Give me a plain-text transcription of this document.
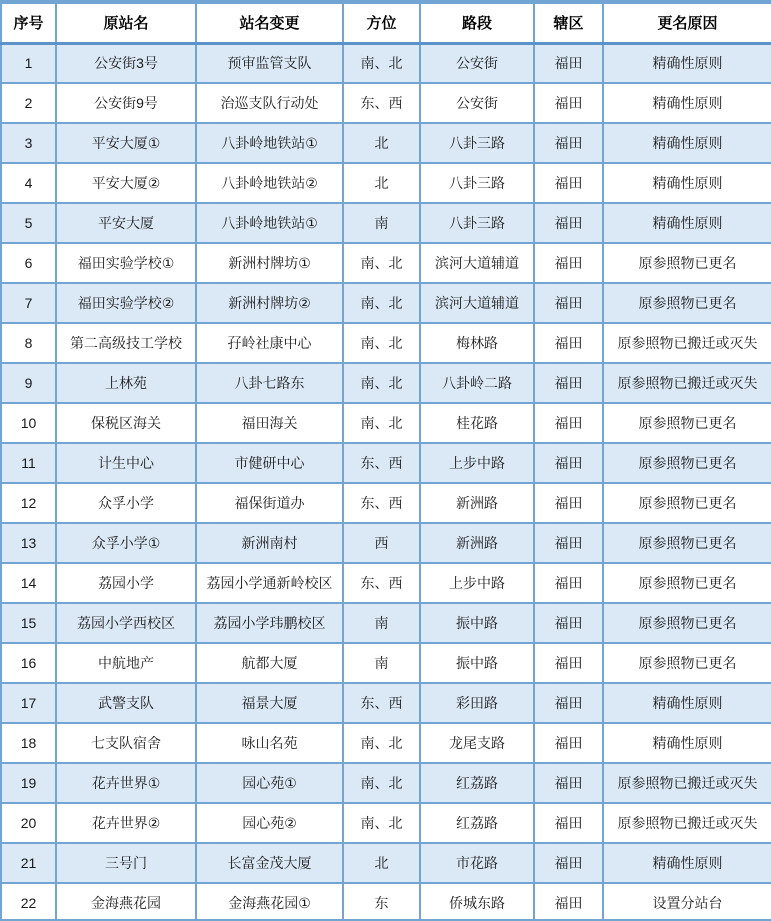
序号	原站名	站名变更	方位	路段	辖区	更名原因
1	公安街3号	预审监管支队	南、北	公安街	福田	精确性原则
2	公安街9号	治巡支队行动处	东、西	公安街	福田	精确性原则
3	平安大厦①	八卦岭地铁站①	北	八卦三路	福田	精确性原则
4	平安大厦②	八卦岭地铁站②	北	八卦三路	福田	精确性原则
5	平安大厦	八卦岭地铁站①	南	八卦三路	福田	精确性原则
6	福田实验学校①	新洲村牌坊①	南、北	滨河大道辅道	福田	原参照物已更名
7	福田实验学校②	新洲村牌坊②	南、北	滨河大道辅道	福田	原参照物已更名
8	第二高级技工学校	孖岭社康中心	南、北	梅林路	福田	原参照物已搬迁或灭失
9	上林苑	八卦七路东	南、北	八卦岭二路	福田	原参照物已搬迁或灭失
10	保税区海关	福田海关	南、北	桂花路	福田	原参照物已更名
11	计生中心	市健研中心	东、西	上步中路	福田	原参照物已更名
12	众孚小学	福保街道办	东、西	新洲路	福田	原参照物已更名
13	众孚小学①	新洲南村	西	新洲路	福田	原参照物已更名
14	荔园小学	荔园小学通新岭校区	东、西	上步中路	福田	原参照物已更名
15	荔园小学西校区	荔园小学玮鹏校区	南	振中路	福田	原参照物已更名
16	中航地产	航都大厦	南	振中路	福田	原参照物已更名
17	武警支队	福景大厦	东、西	彩田路	福田	精确性原则
18	七支队宿舍	咏山名苑	南、北	龙尾支路	福田	精确性原则
19	花卉世界①	园心苑①	南、北	红荔路	福田	原参照物已搬迁或灭失
20	花卉世界②	园心苑②	南、北	红荔路	福田	原参照物已搬迁或灭失
21	三号门	长富金茂大厦	北	市花路	福田	精确性原则
22	金海燕花园	金海燕花园①	东	侨城东路	福田	设置分站台
